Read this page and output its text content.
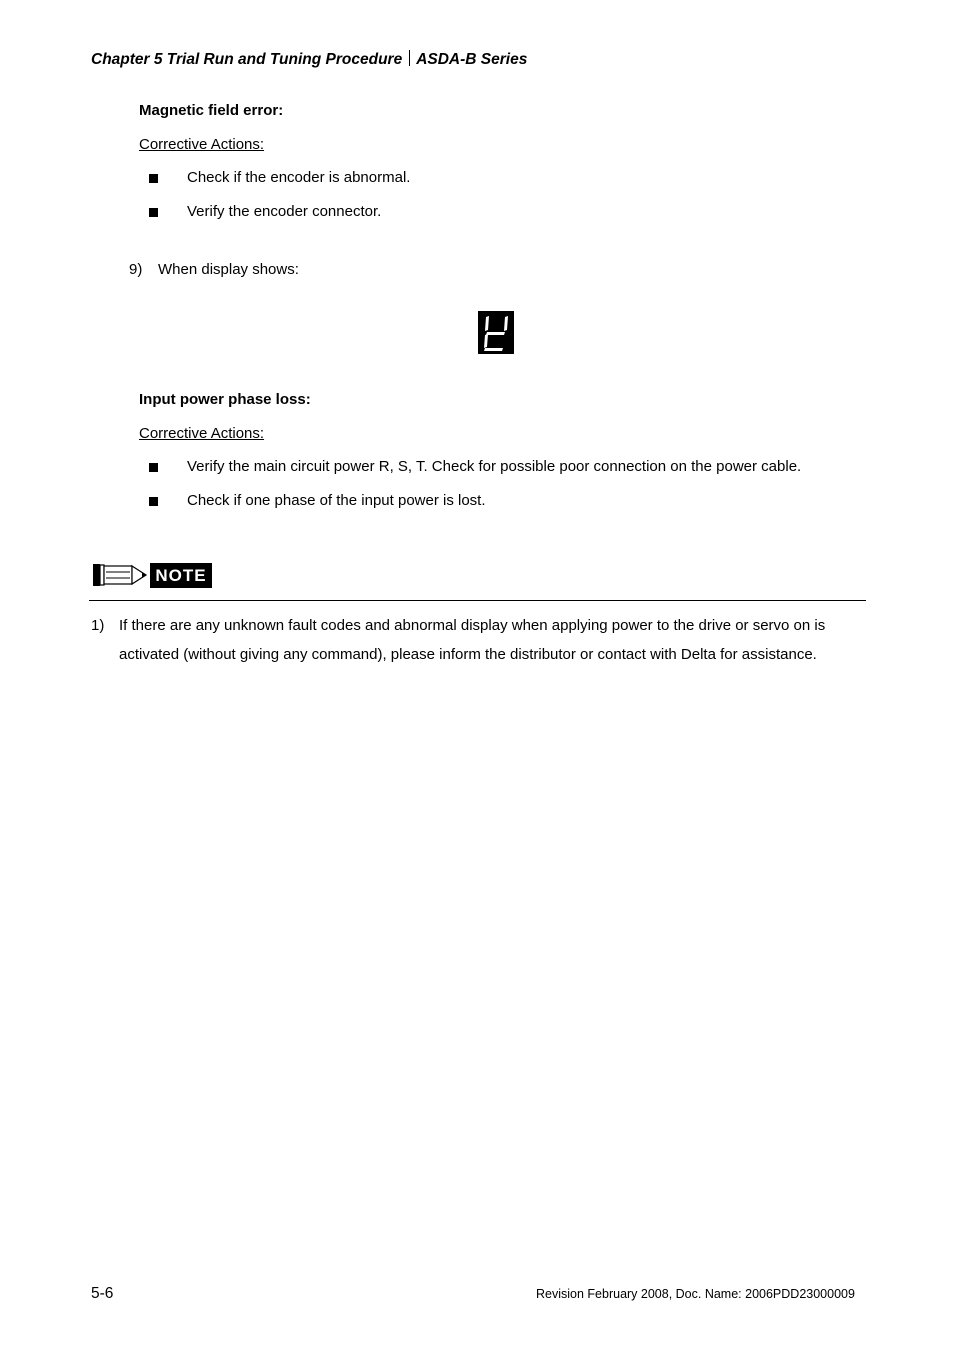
Chapter 5 Trial Run and Tuning Procedure ASDA-B Series
Magnetic field error:
Corrective Actions:
Check if the encoder is abnormal.
Verify the encoder connector.
9) When display shows:
Input power phase loss:
Corrective Actions:
Verify the main circuit power R, S, T. Check for possible poor connection on the power cable.
Check if one phase of the input power is lost.
NOTE
1) If there are any unknown fault codes and abnormal display when applying power to the drive or servo on is activated (without giving any command), please inform the distributor or contact with Delta for assistance.
5-6	Revision February 2008, Doc. Name: 2006PDD23000009
